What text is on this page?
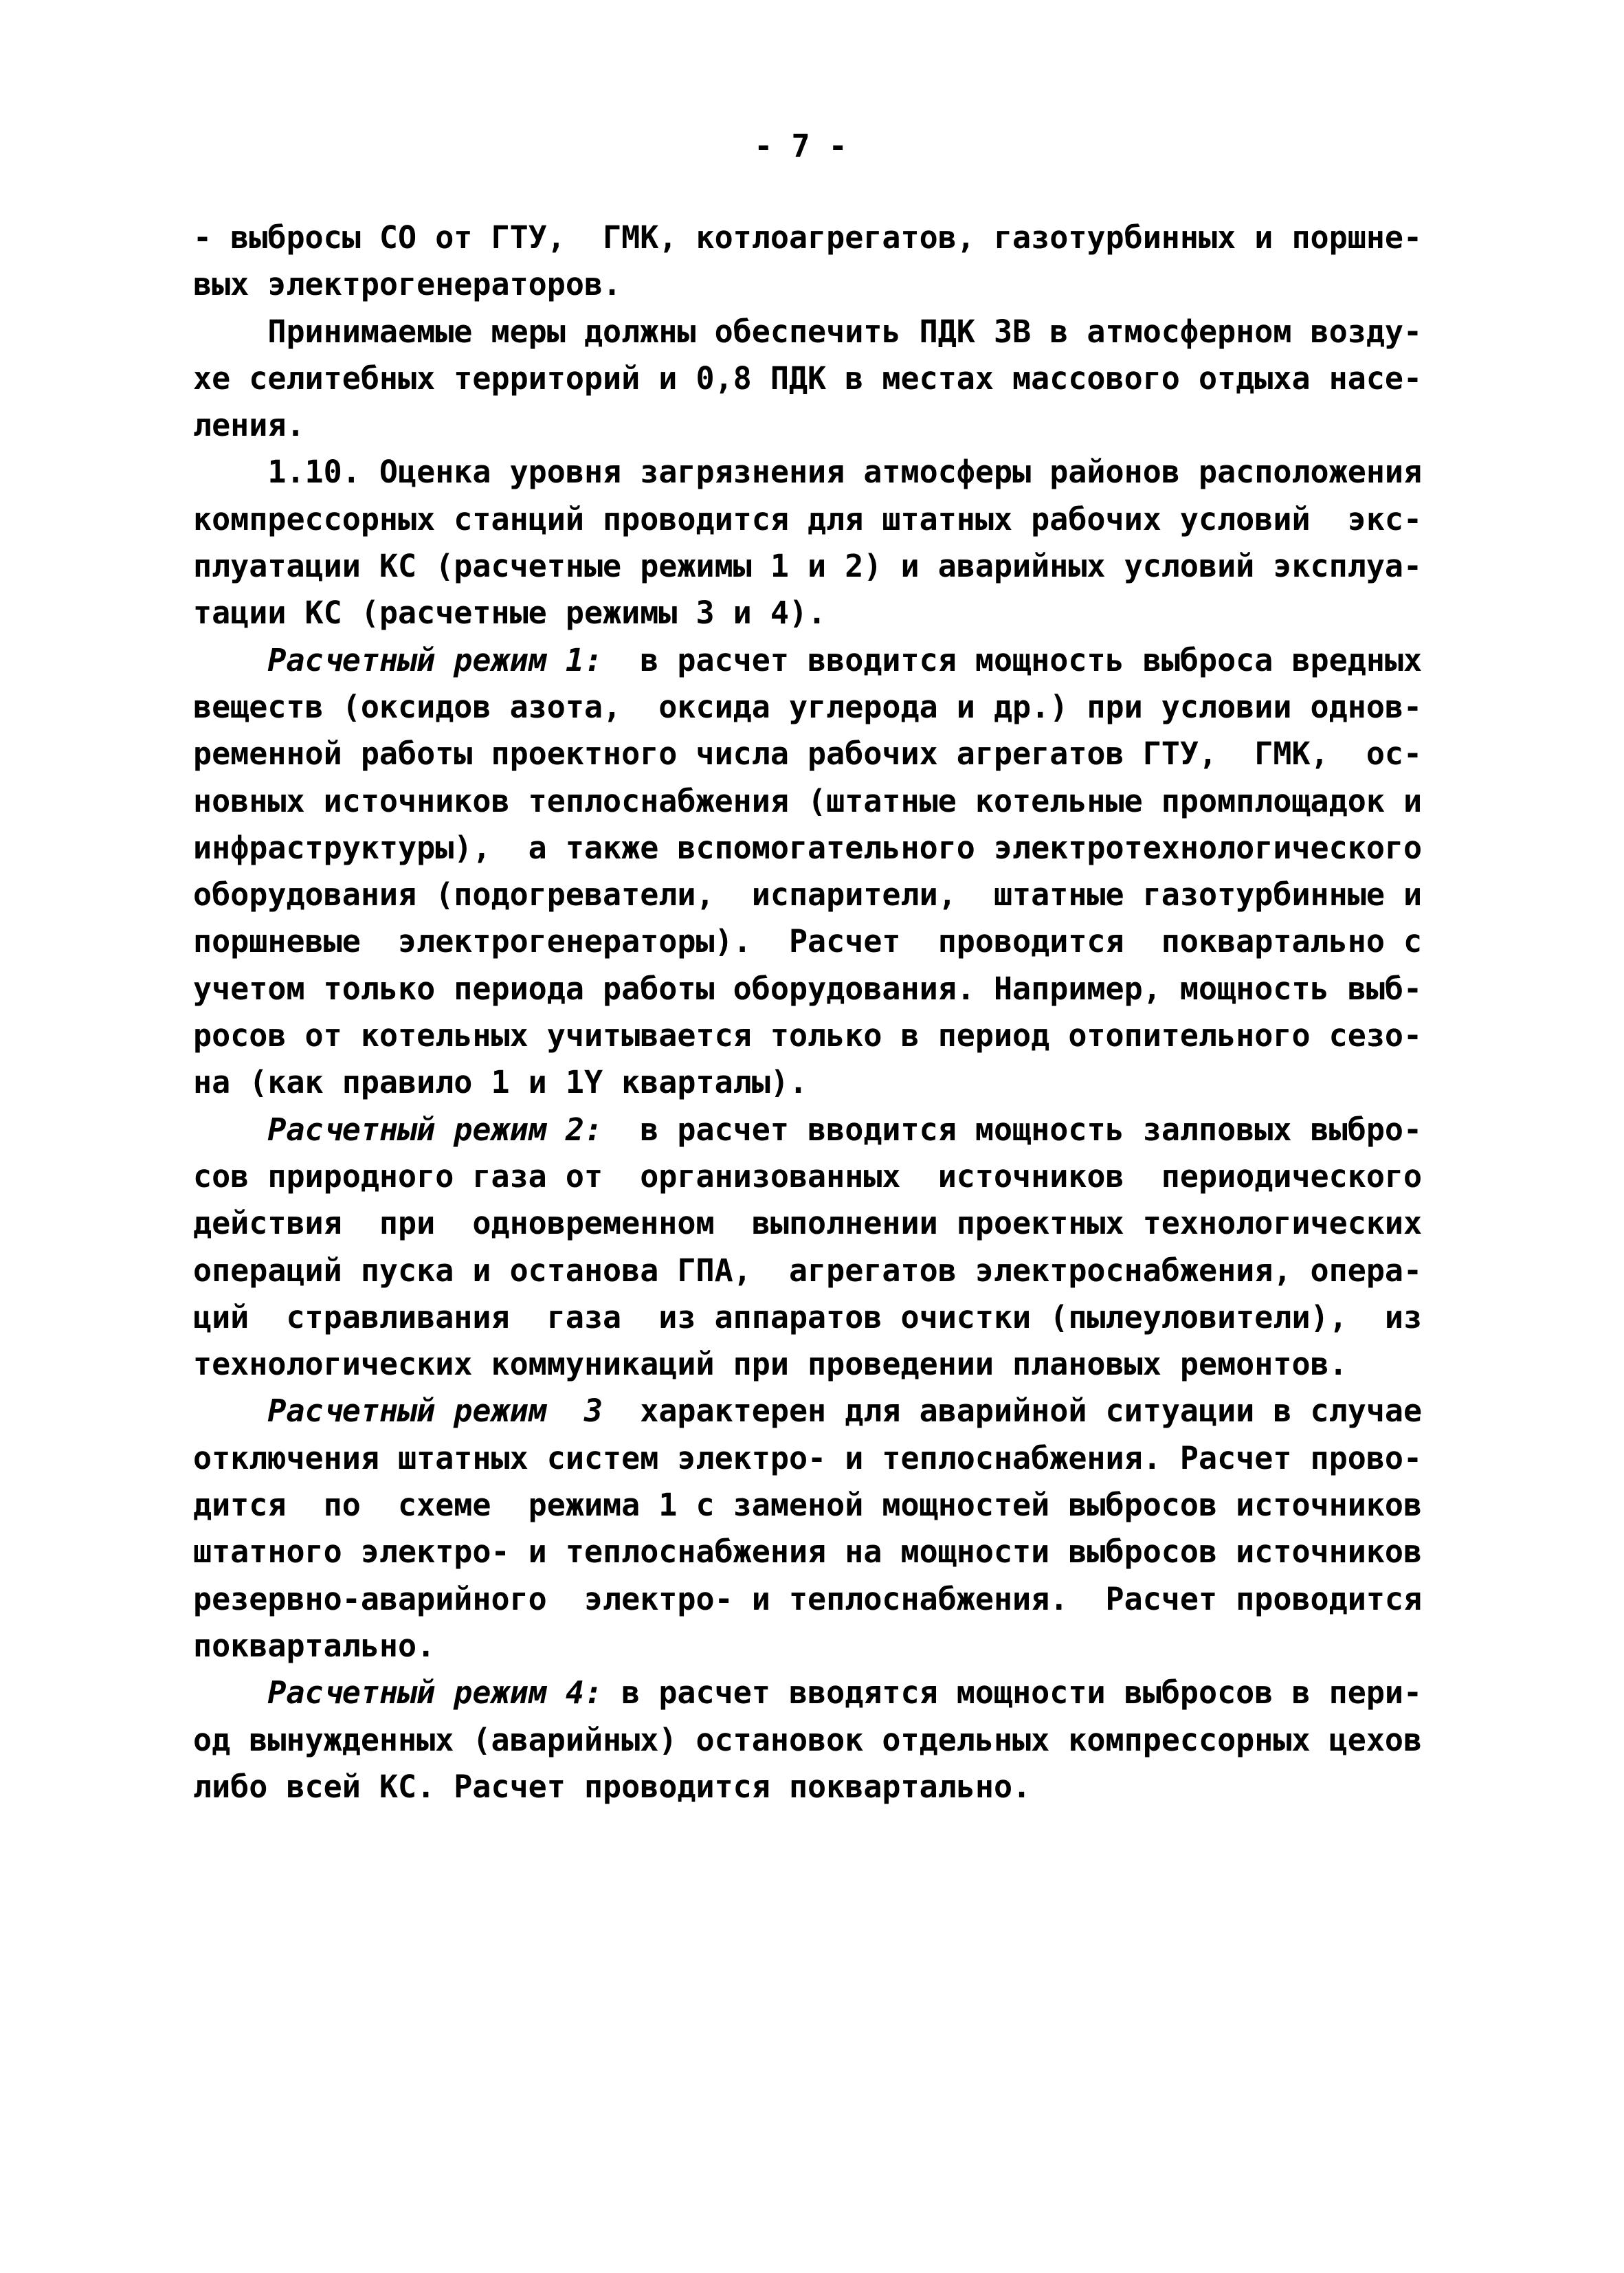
- 7 -
- выбросы СО от ГТУ,  ГМК, котлоагрегатов, газотурбинных и поршне-
вых электрогенераторов.
Принимаемые меры должны обеспечить ПДК ЗВ в атмосферном возду-
хе селитебных территорий и 0,8 ПДК в местах массового отдыха насе-
ления.
1.10. Оценка уровня загрязнения атмосферы районов расположения
компрессорных станций проводится для штатных рабочих условий  экс-
плуатации КС (расчетные режимы 1 и 2) и аварийных условий эксплуа-
тации КС (расчетные режимы 3 и 4).
Расчетный режим 1:  в расчет вводится мощность выброса вредных
веществ (оксидов азота,  оксида углерода и др.) при условии однов-
ременной работы проектного числа рабочих агрегатов ГТУ,  ГМК,  ос-
новных источников теплоснабжения (штатные котельные промплощадок и
инфраструктуры),  а также вспомогательного электротехнологического
оборудования (подогреватели,  испарители,  штатные газотурбинные и
поршневые  электрогенераторы).  Расчет  проводится  поквартально с
учетом только периода работы оборудования. Например, мощность выб-
росов от котельных учитывается только в период отопительного сезо-
на (как правило 1 и 1Y кварталы).
Расчетный режим 2:  в расчет вводится мощность залповых выбро-
сов природного газа от  организованных  источников  периодического
действия  при  одновременном  выполнении проектных технологических
операций пуска и останова ГПА,  агрегатов электроснабжения, опера-
ций  стравливания  газа  из аппаратов очистки (пылеуловители),  из
технологических коммуникаций при проведении плановых ремонтов.
Расчетный режим  3  характерен для аварийной ситуации в случае
отключения штатных систем электро- и теплоснабжения. Расчет прово-
дится  по  схеме  режима 1 с заменой мощностей выбросов источников
штатного электро- и теплоснабжения на мощности выбросов источников
резервно-аварийного  электро- и теплоснабжения.  Расчет проводится
поквартально.
Расчетный режим 4: в расчет вводятся мощности выбросов в пери-
од вынужденных (аварийных) остановок отдельных компрессорных цехов
либо всей КС. Расчет проводится поквартально.
